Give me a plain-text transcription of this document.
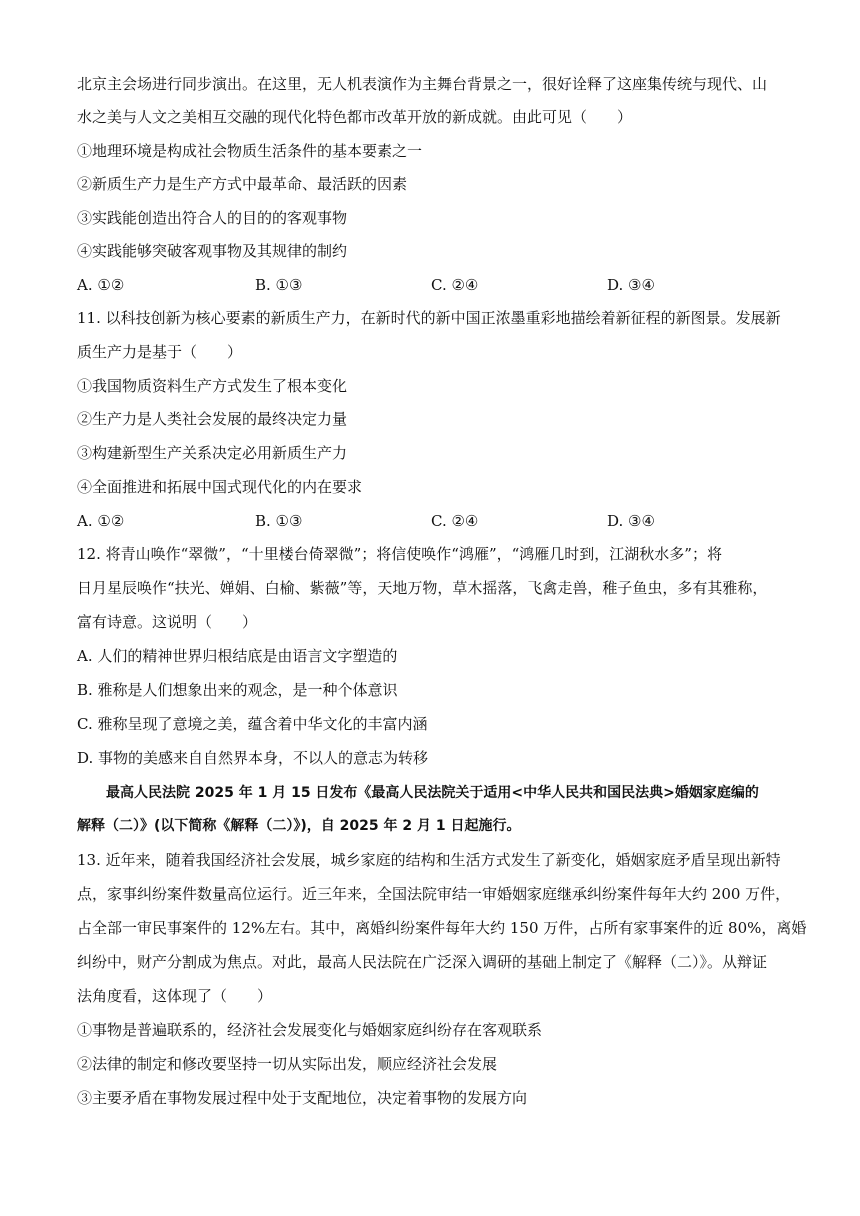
北京主会场进行同步演出。在这里，无人机表演作为主舞台背景之一，很好诠释了这座集传统与现代、山
水之美与人文之美相互交融的现代化特色都市改革开放的新成就。由此可见（　　）
①地理环境是构成社会物质生活条件的基本要素之一
②新质生产力是生产方式中最革命、最活跃的因素
③实践能创造出符合人的目的的客观事物
④实践能够突破客观事物及其规律的制约
A. ①②	B. ①③	C. ②④	D. ③④
11. 以科技创新为核心要素的新质生产力，在新时代的新中国正浓墨重彩地描绘着新征程的新图景。发展新
质生产力是基于（　　）
①我国物质资料生产方式发生了根本变化
②生产力是人类社会发展的最终决定力量
③构建新型生产关系决定必用新质生产力
④全面推进和拓展中国式现代化的内在要求
A. ①②	B. ①③	C. ②④	D. ③④
12. 将青山唤作“翠微”，“十里楼台倚翠微”；将信使唤作“鸿雁”，“鸿雁几时到，江湖秋水多”；将
日月星辰唤作“扶光、婵娟、白榆、紫薇”等，天地万物，草木摇落，飞禽走兽，稚子鱼虫，多有其雅称，
富有诗意。这说明（　　）
A. 人们的精神世界归根结底是由语言文字塑造的
B. 雅称是人们想象出来的观念，是一种个体意识
C. 雅称呈现了意境之美，蕴含着中华文化的丰富内涵
D. 事物的美感来自自然界本身，不以人的意志为转移
最高人民法院 2025 年 1 月 15 日发布《最高人民法院关于适用<中华人民共和国民法典>婚姻家庭编的
解释（二）》(以下简称《解释（二）》)，自 2025 年 2 月 1 日起施行。
13. 近年来，随着我国经济社会发展，城乡家庭的结构和生活方式发生了新变化，婚姻家庭矛盾呈现出新特
点，家事纠纷案件数量高位运行。近三年来，全国法院审结一审婚姻家庭继承纠纷案件每年大约 200 万件，
占全部一审民事案件的 12%左右。其中，离婚纠纷案件每年大约 150 万件，占所有家事案件的近 80%，离婚
纠纷中，财产分割成为焦点。对此，最高人民法院在广泛深入调研的基础上制定了《解释（二）》。从辩证
法角度看，这体现了（　　）
①事物是普遍联系的，经济社会发展变化与婚姻家庭纠纷存在客观联系
②法律的制定和修改要坚持一切从实际出发，顺应经济社会发展
③主要矛盾在事物发展过程中处于支配地位，决定着事物的发展方向
